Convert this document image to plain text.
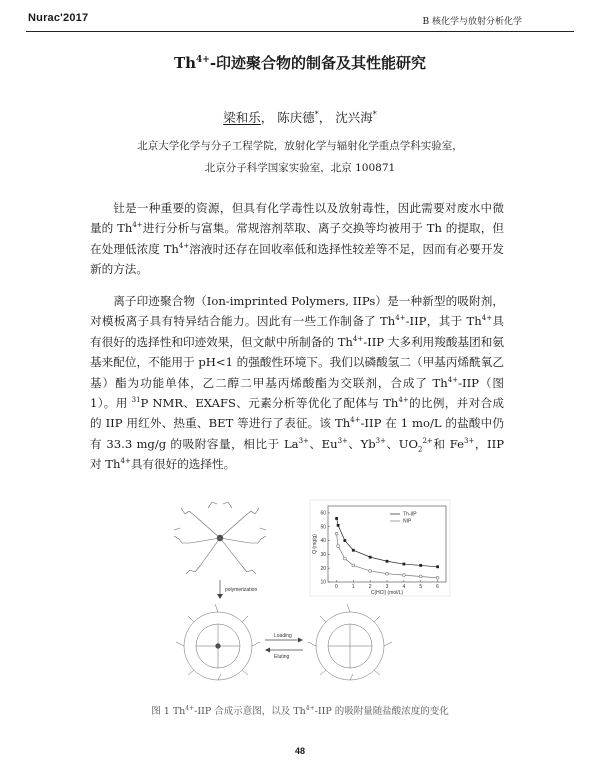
Nurac'2017	B 核化学与放射分析化学
$Th^{4+}-$印迹聚合物的制备及其性能研究
梁和乐， 陈庆德*， 沈兴海*
北京大学化学与分子工程学院，放射化学与辐射化学重点学科实验室，
北京分子科学国家实验室，北京 100871
钍是一种重要的资源，但具有化学毒性以及放射毒性，因此需要对废水中微量的 $Th^{4+}$进行分析与富集。常规溶剂萃取、离子交换等均被用于 Th 的提取，但在处理低浓度 $Th^{4+}$溶液时还存在回收率低和选择性较差等不足，因而有必要开发新的方法。
离子印迹聚合物（Ion-imprinted Polymers, IIPs）是一种新型的吸附剂，对模板离子具有特异结合能力。因此有一些工作制备了 $Th^{4+}$-IIP，其于 $Th^{4+}$具有很好的选择性和印迹效果，但文献中所制备的 $Th^{4+}$-IIP 大多利用羧酸基团和氨基来配位，不能用于 pH<1 的强酸性环境下。我们以磷酸氢二（甲基丙烯酰氧乙基）酯为功能单体，乙二醇二甲基丙烯酸酯为交联剂，合成了 $Th^{4+}-IIP$（图 1）。用 $^{31}$P NMR、EXAFS、元素分析等优化了配体与 $Th^{4+}$的比例，并对合成的 IIP 用红外、热重、BET 等进行了表征。该 $Th^{4+}$-IIP 在 1 mo/L 的盐酸中仍有 33.3 mg/g 的吸附容量，相比于 $La^{3+}$、$Eu^{3+}$、$Yb^{3+}$、$UO_2^{2+}$和 $Fe^{3+}$，IIP 对 $Th^{4+}$具有很好的选择性。
polymerization
Loading
Eluting
0	1	2	3	4	5	6
10
20
30
40
50
60
C(HCl) (mol/L)
Q (mg/g)
Th-IIP
NIP
图 1 $Th^{4+}$-IIP 合成示意图，以及 $Th^{4+}$-IIP 的吸附量随盐酸浓度的变化
48
